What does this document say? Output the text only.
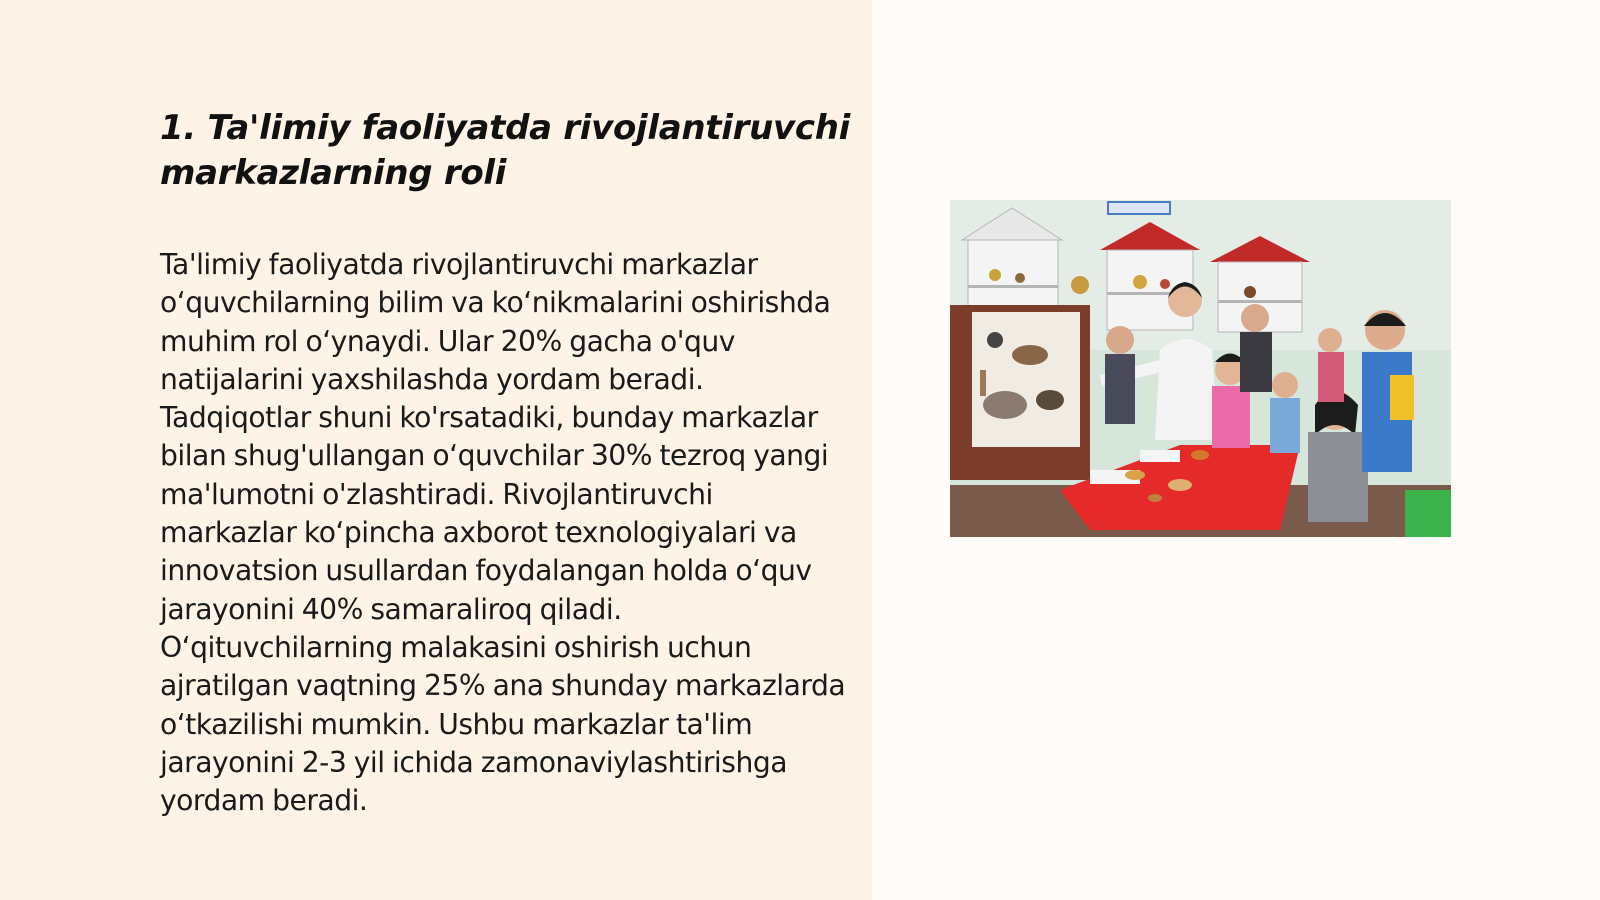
1. Ta'limiy faoliyatda rivojlantiruvchi markazlarning roli

Ta'limiy faoliyatda rivojlantiruvchi markazlar o‘quvchilarning bilim va ko‘nikmalarini oshirishda muhim rol o‘ynaydi. Ular 20% gacha o'quv natijalarini yaxshilashda yordam beradi. Tadqiqotlar shuni ko'rsatadiki, bunday markazlar bilan shug'ullangan o‘quvchilar 30% tezroq yangi ma'lumotni o'zlashtiradi. Rivojlantiruvchi markazlar ko‘pincha axborot texnologiyalari va innovatsion usullardan foydalangan holda o‘quv jarayonini 40% samaraliroq qiladi. O‘qituvchilarning malakasini oshirish uchun ajratilgan vaqtning 25% ana shunday markazlarda o‘tkazilishi mumkin. Ushbu markazlar ta'lim jarayonini 2-3 yil ichida zamonaviylashtirishga yordam beradi.
